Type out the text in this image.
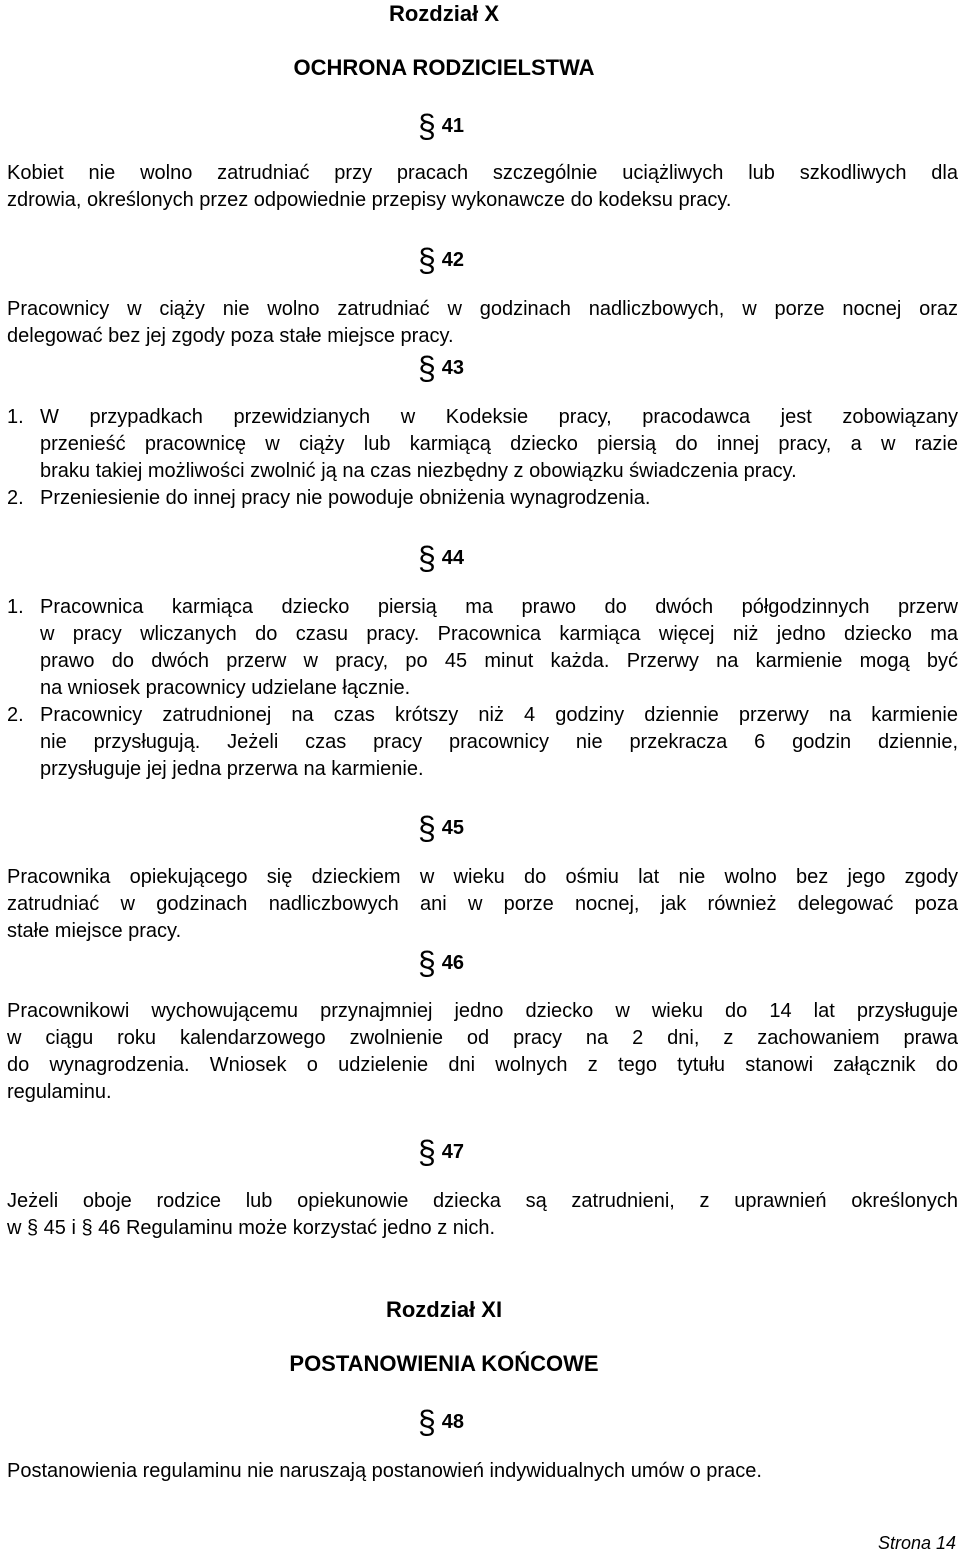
Rozdział X
OCHRONA RODZICIELSTWA
§ 41
Kobiet nie wolno zatrudniać przy pracach szczególnie uciążliwych lub szkodliwych dla
zdrowia, określonych przez odpowiednie przepisy wykonawcze do kodeksu pracy.
§ 42
Pracownicy w ciąży nie wolno zatrudniać w godzinach nadliczbowych, w porze nocnej oraz
delegować bez jej zgody poza stałe miejsce pracy.
§ 43
1. W przypadkach przewidzianych w Kodeksie pracy, pracodawca jest zobowiązany
przenieść pracownicę w ciąży lub karmiącą dziecko piersią do innej pracy, a w razie
braku takiej możliwości zwolnić ją na czas niezbędny z obowiązku świadczenia pracy.
2. Przeniesienie do innej pracy nie powoduje obniżenia wynagrodzenia.
§ 44
1. Pracownica karmiąca dziecko piersią ma prawo do dwóch półgodzinnych przerw
w pracy wliczanych do czasu pracy. Pracownica karmiąca więcej niż jedno dziecko ma
prawo do dwóch przerw w pracy, po 45 minut każda. Przerwy na karmienie mogą być
na wniosek pracownicy udzielane łącznie.
2. Pracownicy zatrudnionej na czas krótszy niż 4 godziny dziennie przerwy na karmienie
nie przysługują. Jeżeli czas pracy pracownicy nie przekracza 6 godzin dziennie,
przysługuje jej jedna przerwa na karmienie.
§ 45
Pracownika opiekującego się dzieckiem w wieku do ośmiu lat nie wolno bez jego zgody
zatrudniać w godzinach nadliczbowych ani w porze nocnej, jak również delegować poza
stałe miejsce pracy.
§ 46
Pracownikowi wychowującemu przynajmniej jedno dziecko w wieku do 14 lat przysługuje
w ciągu roku kalendarzowego zwolnienie od pracy na 2 dni, z zachowaniem prawa
do wynagrodzenia. Wniosek o udzielenie dni wolnych z tego tytułu stanowi załącznik do
regulaminu.
§ 47
Jeżeli oboje rodzice lub opiekunowie dziecka są zatrudnieni, z uprawnień określonych
w § 45 i § 46 Regulaminu może korzystać jedno z nich.
Rozdział XI
POSTANOWIENIA KOŃCOWE
§ 48
Postanowienia regulaminu nie naruszają postanowień indywidualnych umów o prace.
Strona 14
